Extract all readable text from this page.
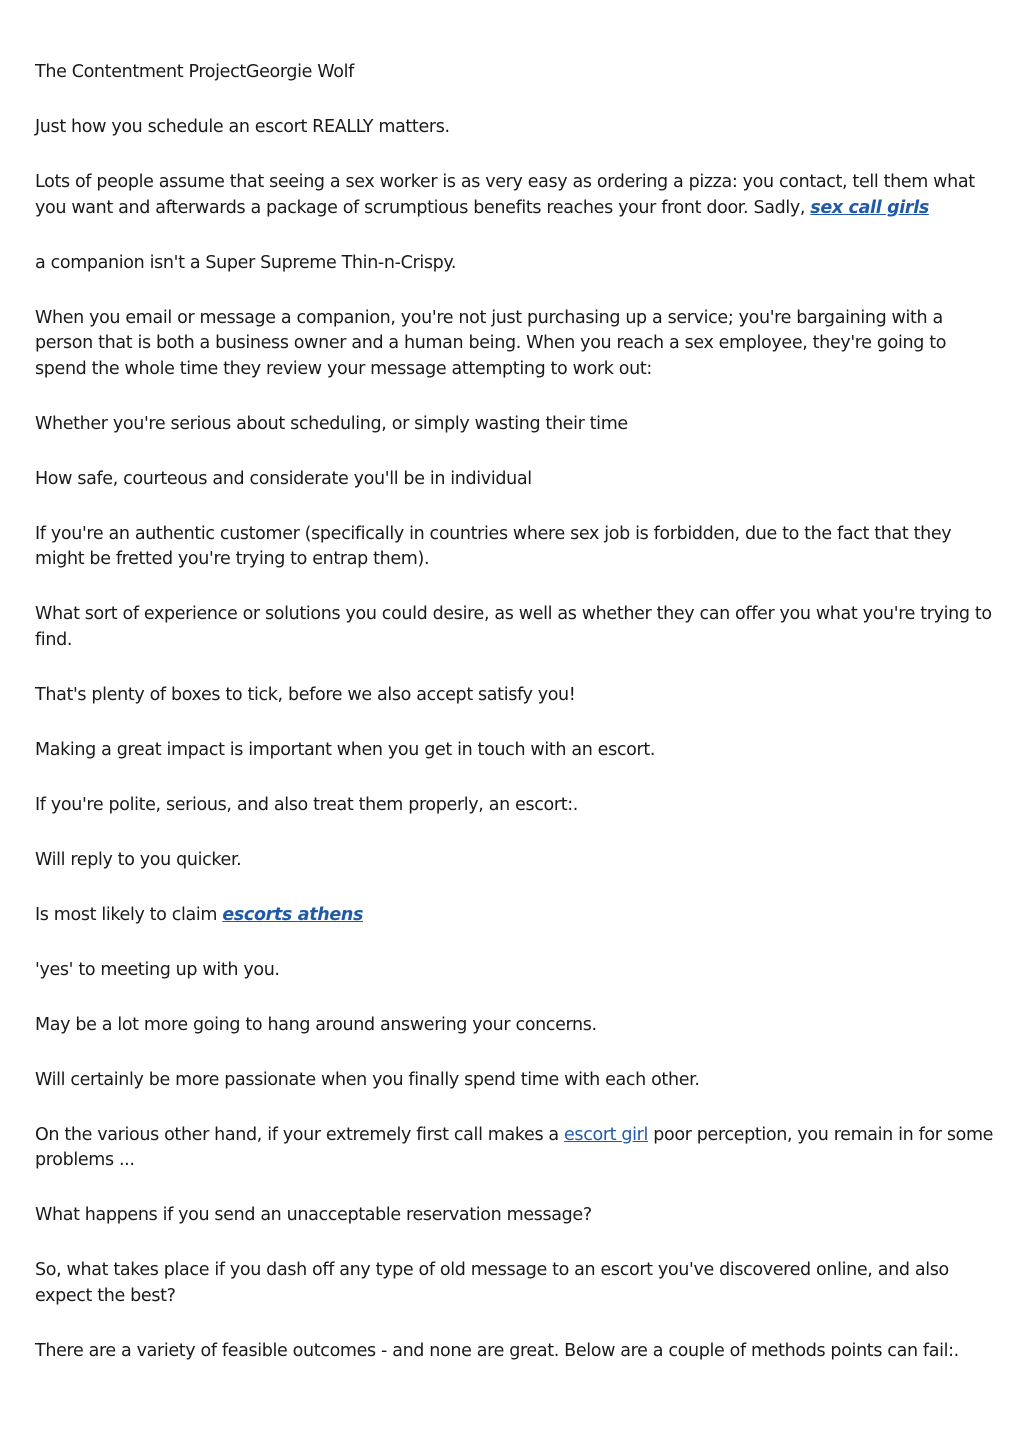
The Contentment ProjectGeorgie Wolf

Just how you schedule an escort REALLY matters.

Lots of people assume that seeing a sex worker is as very easy as ordering a pizza: you contact, tell them what you want and afterwards a package of scrumptious benefits reaches your front door. Sadly, sex call girls

a companion isn't a Super Supreme Thin-n-Crispy.

When you email or message a companion, you're not just purchasing up a service; you're bargaining with a person that is both a business owner and a human being. When you reach a sex employee, they're going to spend the whole time they review your message attempting to work out:

Whether you're serious about scheduling, or simply wasting their time

How safe, courteous and considerate you'll be in individual

If you're an authentic customer (specifically in countries where sex job is forbidden, due to the fact that they might be fretted you're trying to entrap them).

What sort of experience or solutions you could desire, as well as whether they can offer you what you're trying to find.

That's plenty of boxes to tick, before we also accept satisfy you!

Making a great impact is important when you get in touch with an escort.

If you're polite, serious, and also treat them properly, an escort:.

Will reply to you quicker.

Is most likely to claim escorts athens

'yes' to meeting up with you.

May be a lot more going to hang around answering your concerns.

Will certainly be more passionate when you finally spend time with each other.

On the various other hand, if your extremely first call makes a escort girl poor perception, you remain in for some problems ...

What happens if you send an unacceptable reservation message?

So, what takes place if you dash off any type of old message to an escort you've discovered online, and also expect the best?

There are a variety of feasible outcomes - and none are great. Below are a couple of methods points can fail:.
